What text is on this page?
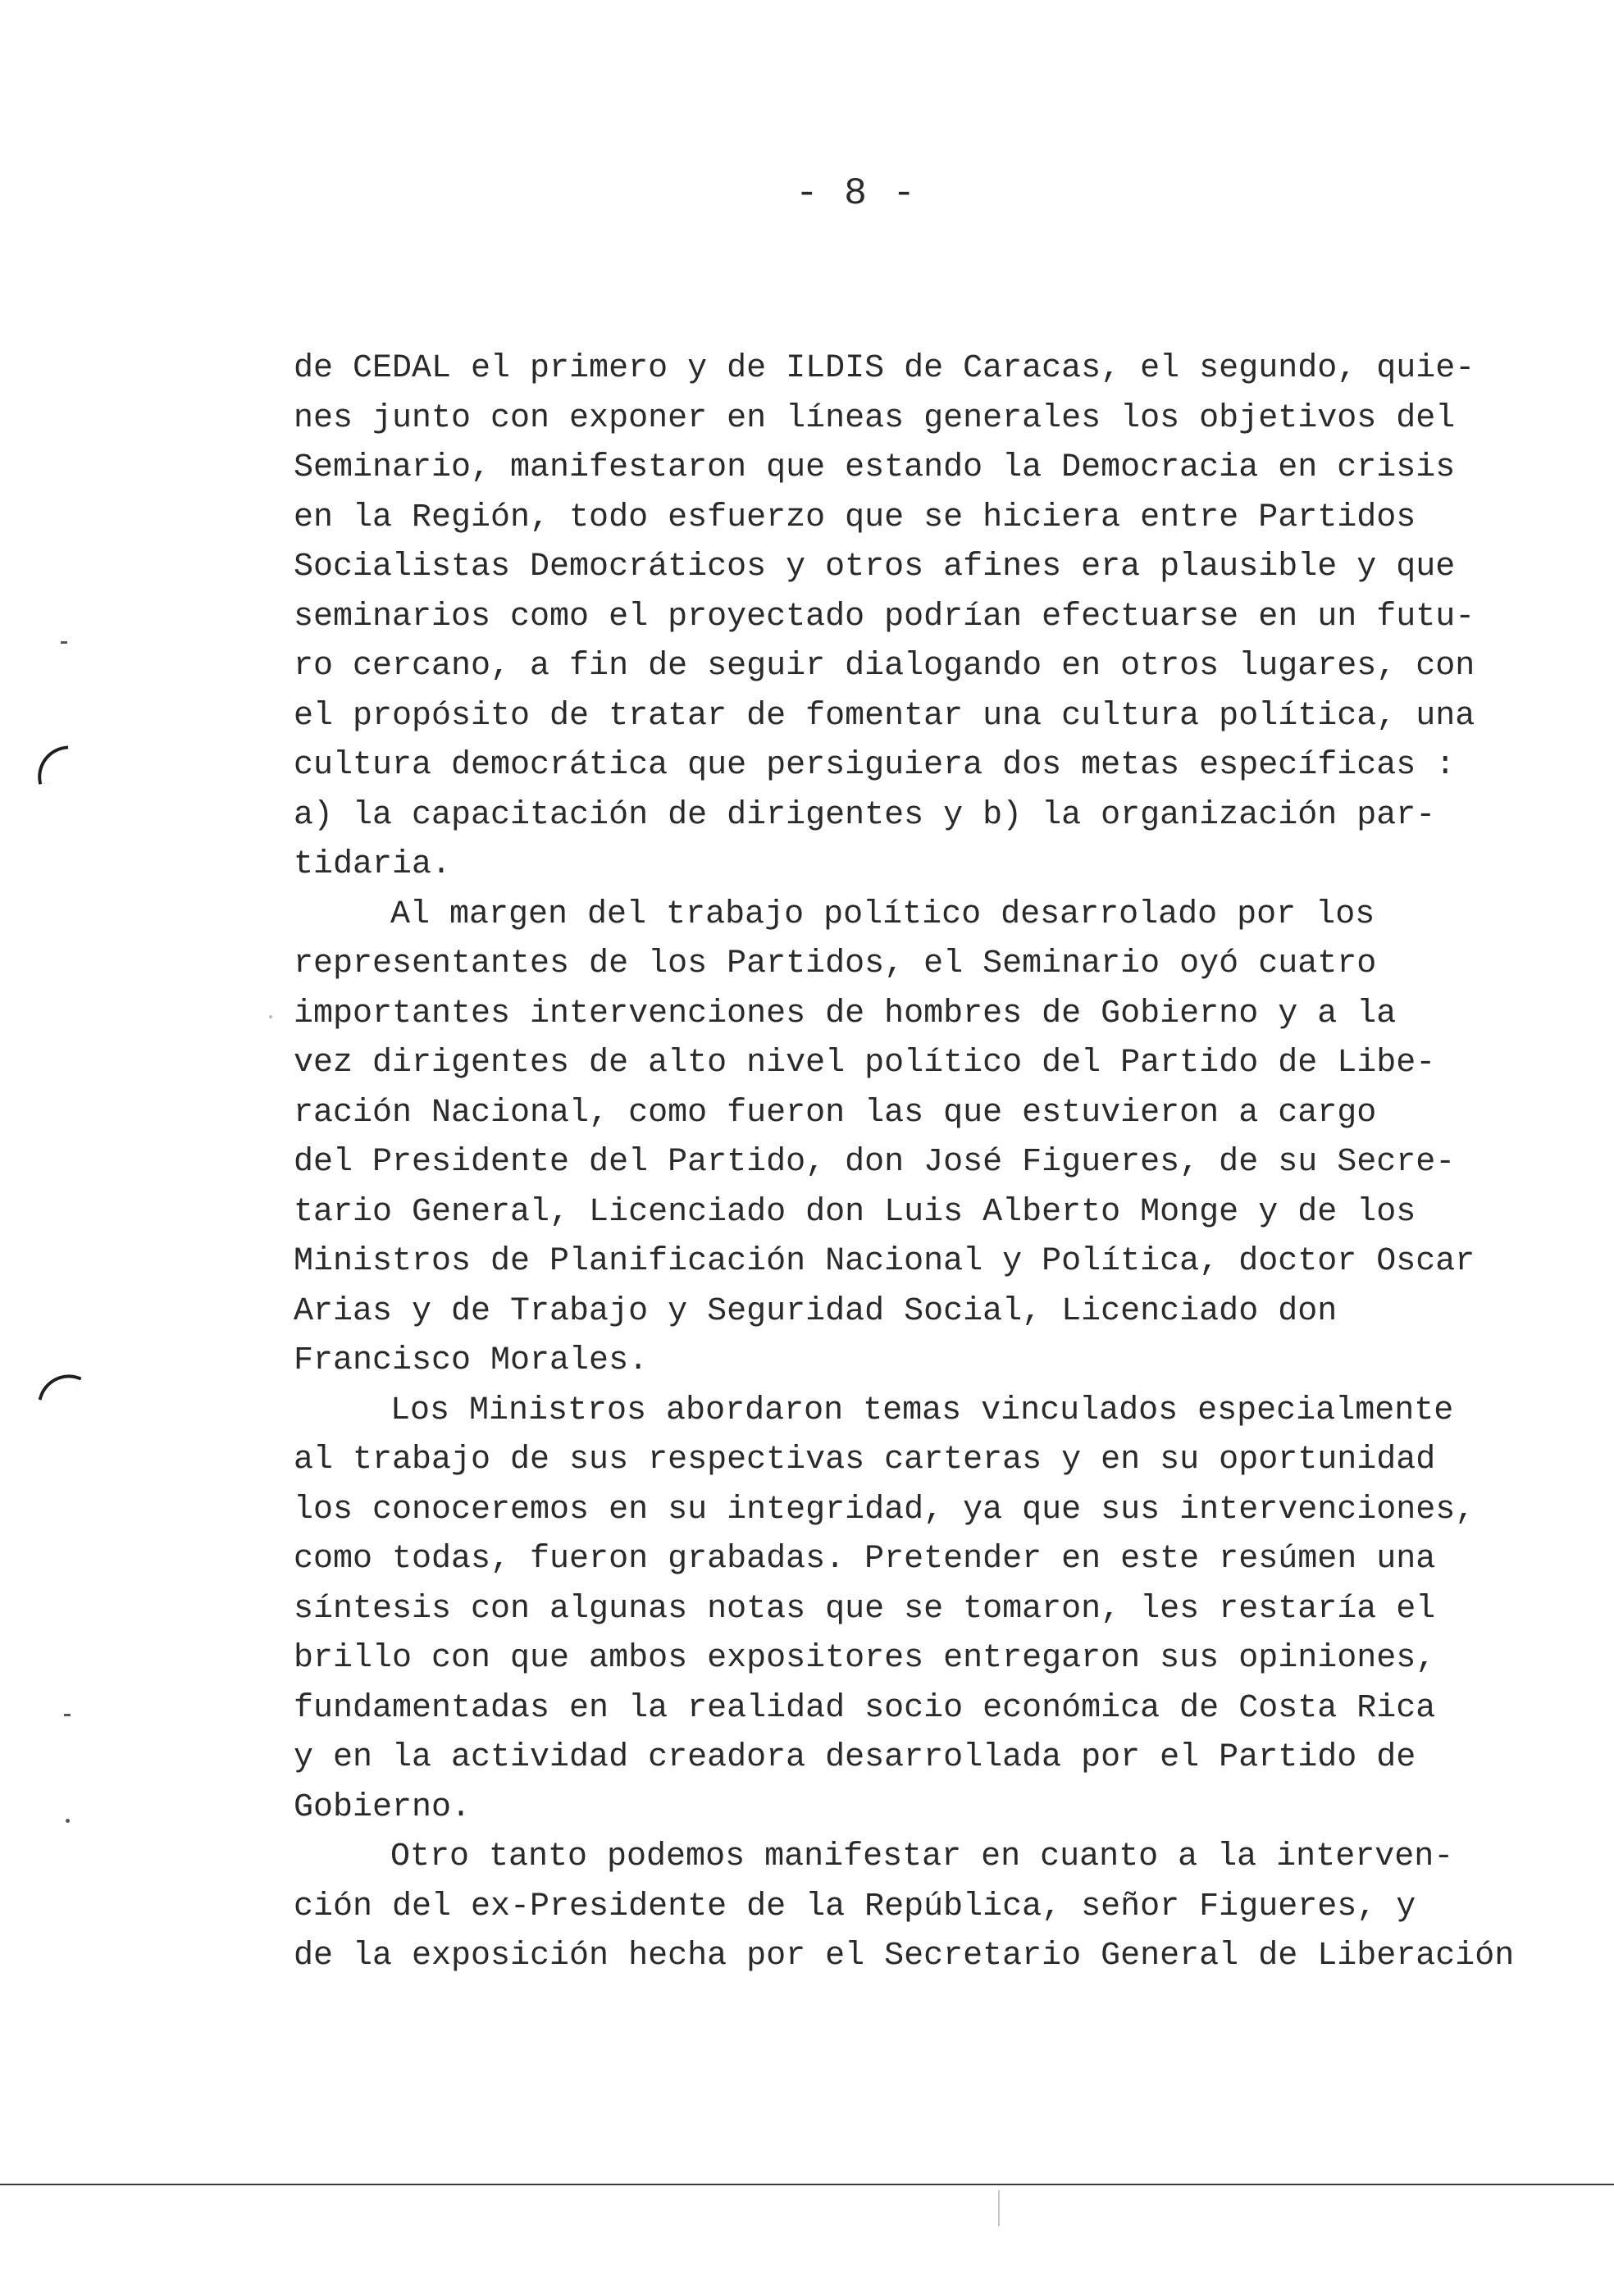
- 8 -
de CEDAL el primero y de ILDIS de Caracas, el segundo, quie-
nes junto con exponer en líneas generales los objetivos del
Seminario, manifestaron que estando la Democracia en crisis
en la Región, todo esfuerzo que se hiciera entre Partidos
Socialistas Democráticos y otros afines era plausible y que
seminarios como el proyectado podrían efectuarse en un futu-
ro cercano, a fin de seguir dialogando en otros lugares, con
el propósito de tratar de fomentar una cultura política, una
cultura democrática que persiguiera dos metas específicas :
a) la capacitación de dirigentes y b) la organización par-
tidaria.
Al margen del trabajo político desarrolado por los
representantes de los Partidos, el Seminario oyó cuatro
importantes intervenciones de hombres de Gobierno y a la
vez dirigentes de alto nivel político del Partido de Libe-
ración Nacional, como fueron las que estuvieron a cargo
del Presidente del Partido, don José Figueres, de su Secre-
tario General, Licenciado don Luis Alberto Monge y de los
Ministros de Planificación Nacional y Política, doctor Oscar
Arias y de Trabajo y Seguridad Social, Licenciado don
Francisco Morales.
Los Ministros abordaron temas vinculados especialmente
al trabajo de sus respectivas carteras y en su oportunidad
los conoceremos en su integridad, ya que sus intervenciones,
como todas, fueron grabadas. Pretender en este resúmen una
síntesis con algunas notas que se tomaron, les restaría el
brillo con que ambos expositores entregaron sus opiniones,
fundamentadas en la realidad socio económica de Costa Rica
y en la actividad creadora desarrollada por el Partido de
Gobierno.
Otro tanto podemos manifestar en cuanto a la interven-
ción del ex-Presidente de la República, señor Figueres, y
de la exposición hecha por el Secretario General de Liberación
